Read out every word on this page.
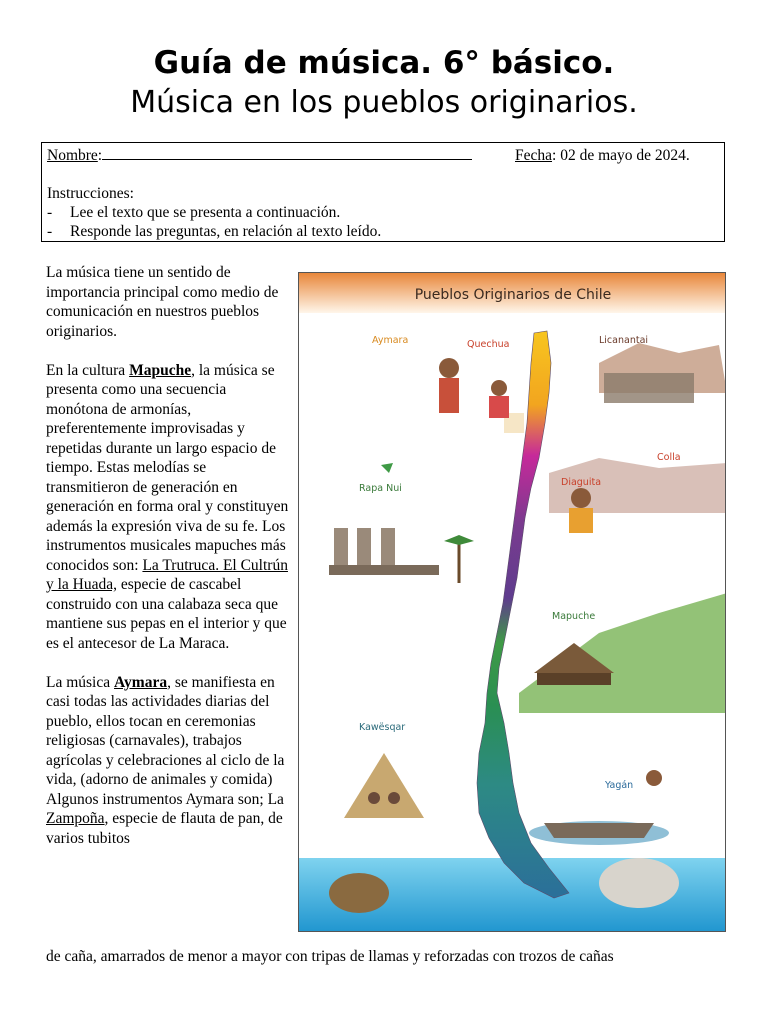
Guía de música. 6° básico.
Música en los pueblos originarios.
Nombre:	Fecha: 02 de mayo de 2024.
Instrucciones:
- Lee el texto que se presenta a continuación.
- Responde las preguntas, en relación al texto leído.

La música tiene un sentido de importancia principal como medio de comunicación en nuestros pueblos originarios.

En la cultura Mapuche, la música se presenta como una secuencia monótona de armonías, preferentemente improvisadas y repetidas durante un largo espacio de tiempo. Estas melodías se transmitieron de generación en generación en forma oral y constituyen además la expresión viva de su fe. Los instrumentos musicales mapuches más conocidos son: La Trutruca. El Cultrún y la Huada, especie de cascabel construido con una calabaza seca que mantiene sus pepas en el interior y que es el antecesor de La Maraca.

La música Aymara, se manifiesta en casi todas las actividades diarias del pueblo, ellos tocan en ceremonias religiosas (carnavales), trabajos agrícolas y celebraciones al ciclo de la vida, (adorno de animales y comida)

Algunos instrumentos Aymara son; La Zampoña, especie de flauta de pan, de varios tubitos

de caña, amarrados de menor a mayor con tripas de llamas y reforzadas con trozos de cañas
Aymara	Quechua	Licanantai
Colla
Rapa Nui
Diaguita
Mapuche
Kawësqar
Yagán
Pueblos Originarios de Chile
